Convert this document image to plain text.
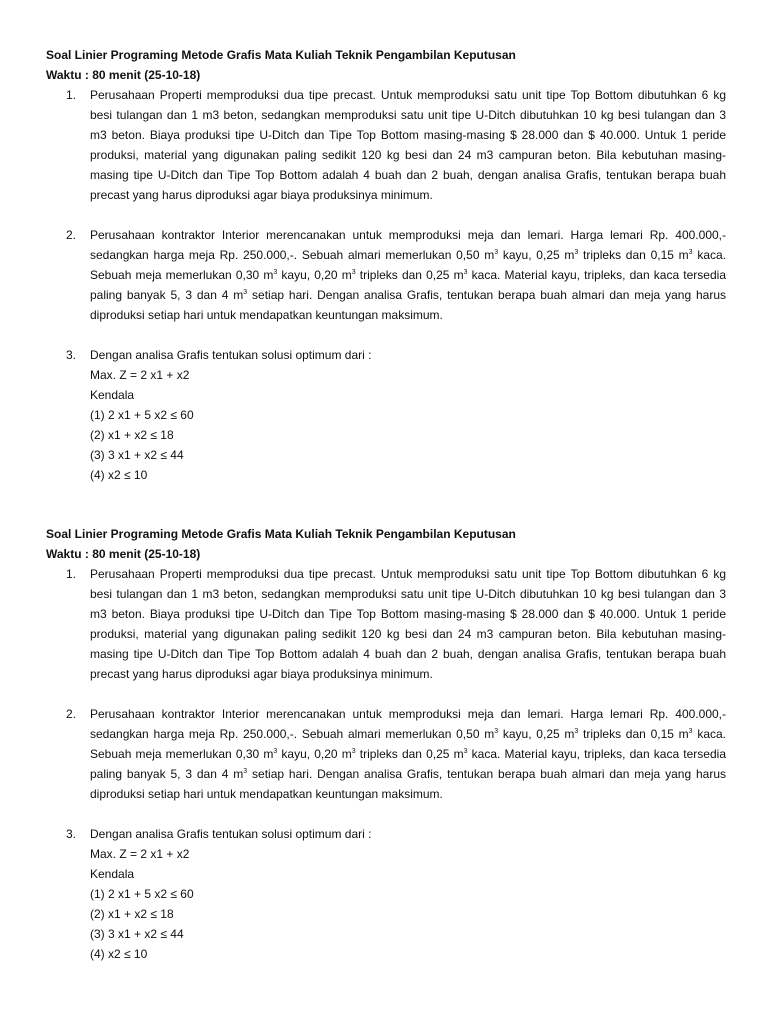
Soal Linier Programing Metode Grafis Mata Kuliah Teknik Pengambilan Keputusan
Waktu : 80 menit (25-10-18)
1. Perusahaan Properti memproduksi dua tipe precast. Untuk memproduksi satu unit tipe Top Bottom dibutuhkan 6 kg besi tulangan dan 1 m3 beton, sedangkan memproduksi satu unit tipe U-Ditch dibutuhkan 10 kg besi tulangan dan 3 m3 beton. Biaya produksi tipe U-Ditch dan Tipe Top Bottom masing-masing $ 28.000 dan $ 40.000. Untuk 1 peride produksi, material yang digunakan paling sedikit 120 kg besi dan 24 m3 campuran beton. Bila kebutuhan masing-masing tipe U-Ditch dan Tipe Top Bottom adalah 4 buah dan 2 buah, dengan analisa Grafis, tentukan berapa buah precast yang harus diproduksi agar biaya produksinya minimum.
2. Perusahaan kontraktor Interior merencanakan untuk memproduksi meja dan lemari. Harga lemari Rp. 400.000,- sedangkan harga meja Rp. 250.000,-. Sebuah almari memerlukan 0,50 $m^3$ kayu, 0,25 $m^3$ tripleks dan 0,15 $m^3$ kaca. Sebuah meja memerlukan 0,30 $m^3$ kayu, 0,20 $m^3$ tripleks dan 0,25 $m^3$ kaca. Material kayu, tripleks, dan kaca tersedia paling banyak 5, 3 dan 4 $m^3$ setiap hari. Dengan analisa Grafis, tentukan berapa buah almari dan meja yang harus diproduksi setiap hari untuk mendapatkan keuntungan maksimum.
3. Dengan analisa Grafis tentukan solusi optimum dari :
Max. Z = 2 x1 + x2
Kendala
(1) 2 x1 + 5 x2 ≤ 60
(2) x1 + x2 ≤ 18
(3) 3 x1 + x2 ≤ 44
(4) x2 ≤ 10
Soal Linier Programing Metode Grafis Mata Kuliah Teknik Pengambilan Keputusan
Waktu : 80 menit (25-10-18)
1. Perusahaan Properti memproduksi dua tipe precast. Untuk memproduksi satu unit tipe Top Bottom dibutuhkan 6 kg besi tulangan dan 1 m3 beton, sedangkan memproduksi satu unit tipe U-Ditch dibutuhkan 10 kg besi tulangan dan 3 m3 beton. Biaya produksi tipe U-Ditch dan Tipe Top Bottom masing-masing $ 28.000 dan $ 40.000. Untuk 1 peride produksi, material yang digunakan paling sedikit 120 kg besi dan 24 m3 campuran beton. Bila kebutuhan masing-masing tipe U-Ditch dan Tipe Top Bottom adalah 4 buah dan 2 buah, dengan analisa Grafis, tentukan berapa buah precast yang harus diproduksi agar biaya produksinya minimum.
2. Perusahaan kontraktor Interior merencanakan untuk memproduksi meja dan lemari. Harga lemari Rp. 400.000,- sedangkan harga meja Rp. 250.000,-. Sebuah almari memerlukan 0,50 $m^3$ kayu, 0,25 $m^3$ tripleks dan 0,15 $m^3$ kaca. Sebuah meja memerlukan 0,30 $m^3$ kayu, 0,20 $m^3$ tripleks dan 0,25 $m^3$ kaca. Material kayu, tripleks, dan kaca tersedia paling banyak 5, 3 dan 4 $m^3$ setiap hari. Dengan analisa Grafis, tentukan berapa buah almari dan meja yang harus diproduksi setiap hari untuk mendapatkan keuntungan maksimum.
3. Dengan analisa Grafis tentukan solusi optimum dari :
Max. Z = 2 x1 + x2
Kendala
(1) 2 x1 + 5 x2 ≤ 60
(2) x1 + x2 ≤ 18
(3) 3 x1 + x2 ≤ 44
(4) x2 ≤ 10
